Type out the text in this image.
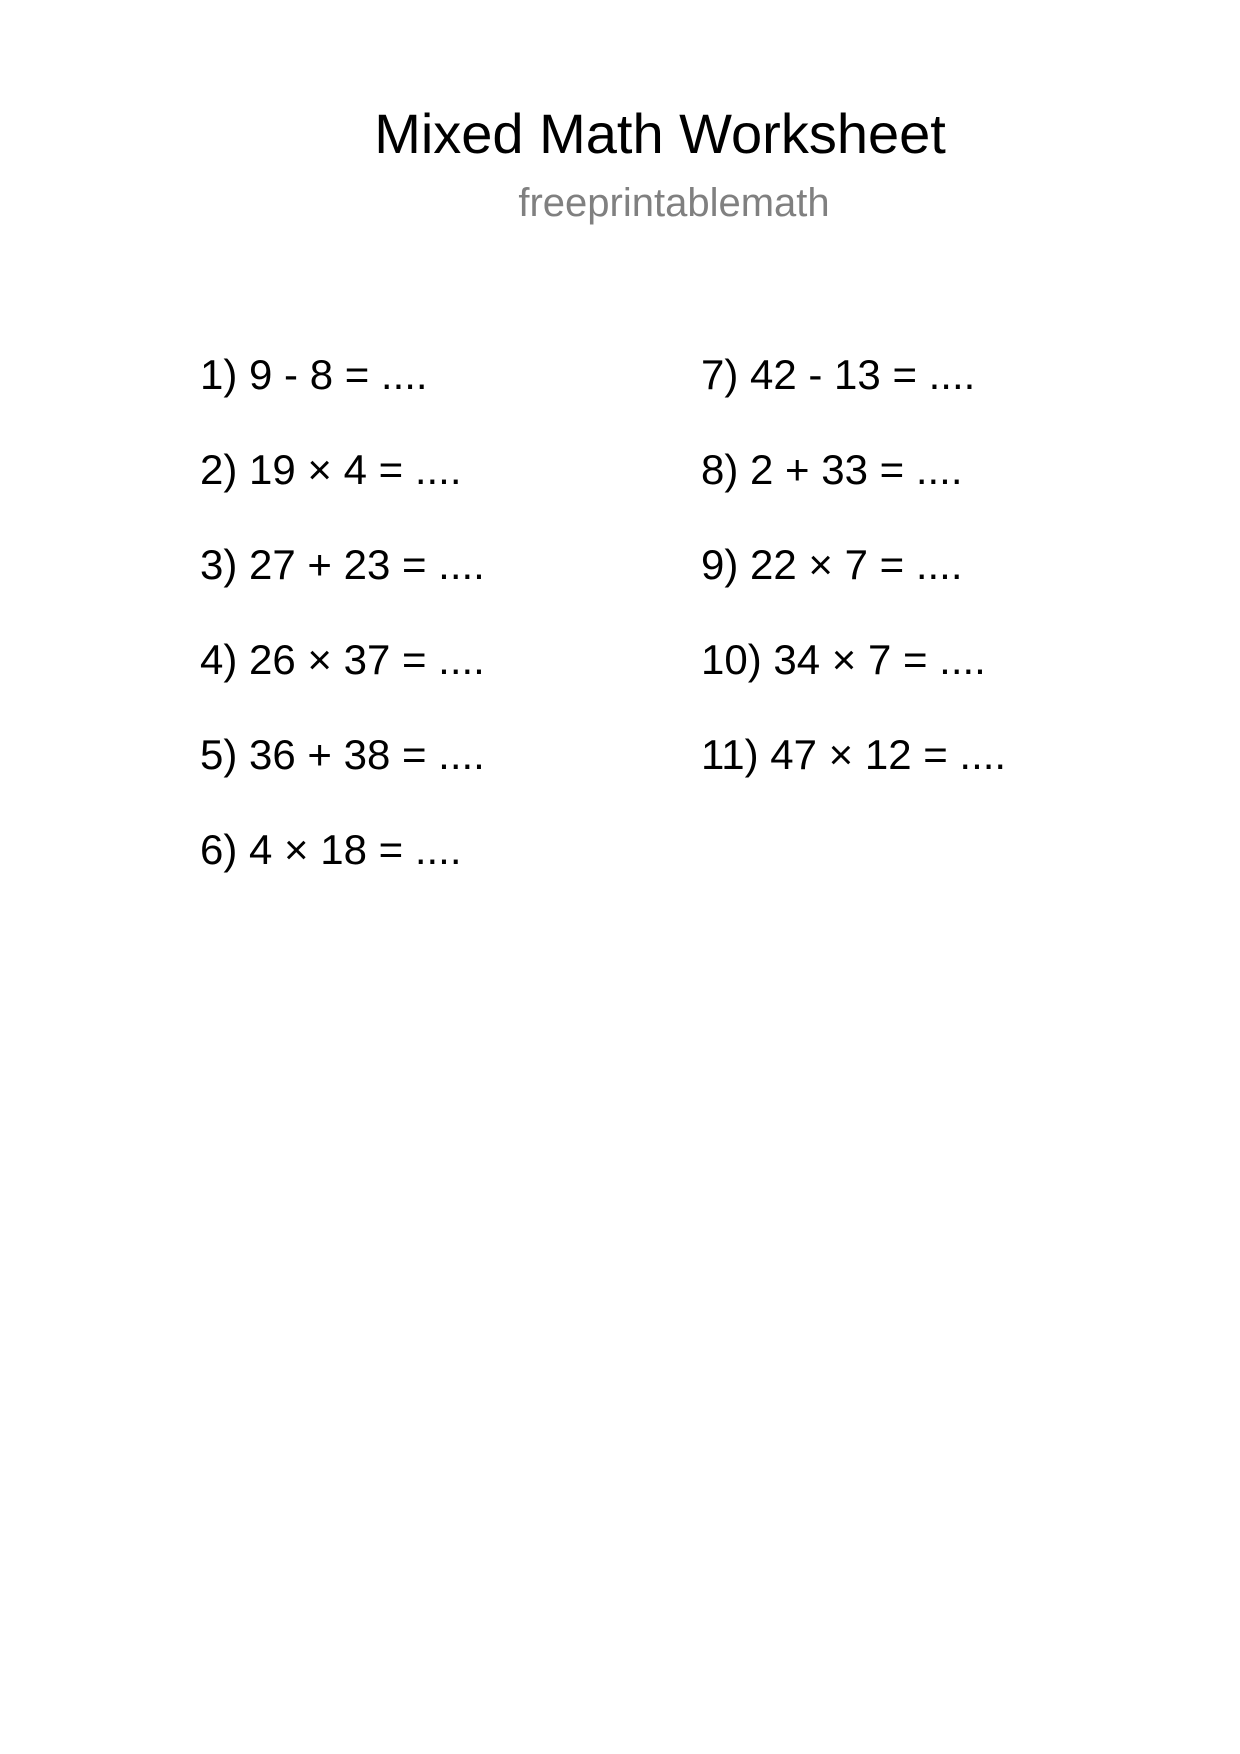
Mixed Math Worksheet
freeprintablemath
1) 9 - 8 = ....
2) 19 × 4 = ....
3) 27 + 23 = ....
4) 26 × 37 = ....
5) 36 + 38 = ....
6) 4 × 18 = ....
7) 42 - 13 = ....
8) 2 + 33 = ....
9) 22 × 7 = ....
10) 34 × 7 = ....
11) 47 × 12 = ....
